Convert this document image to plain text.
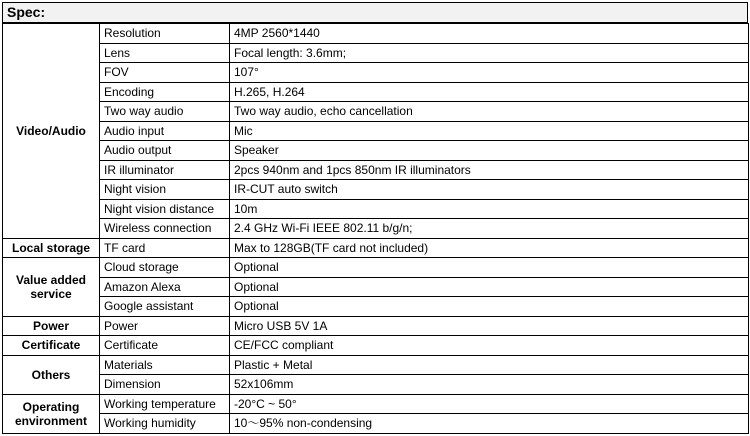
Spec:
Video/Audio	Resolution	4MP 2560*1440
	Lens	Focal length: 3.6mm;
	FOV	107°
	Encoding	H.265, H.264
	Two way audio	Two way audio, echo cancellation
	Audio input	Mic
	Audio output	Speaker
	IR illuminator	2pcs 940nm and 1pcs 850nm IR illuminators
	Night vision	IR-CUT auto switch
	Night vision distance	10m
	Wireless connection	2.4 GHz Wi-Fi IEEE 802.11 b/g/n;
Local storage	TF card	Max to 128GB(TF card not included)
Value added service	Cloud storage	Optional
	Amazon Alexa	Optional
	Google assistant	Optional
Power	Power	Micro USB 5V 1A
Certificate	Certificate	CE/FCC compliant
Others	Materials	Plastic + Metal
	Dimension	52x106mm
Operating environment	Working temperature	-20°C ~ 50°
	Working humidity	10～95% non-condensing
